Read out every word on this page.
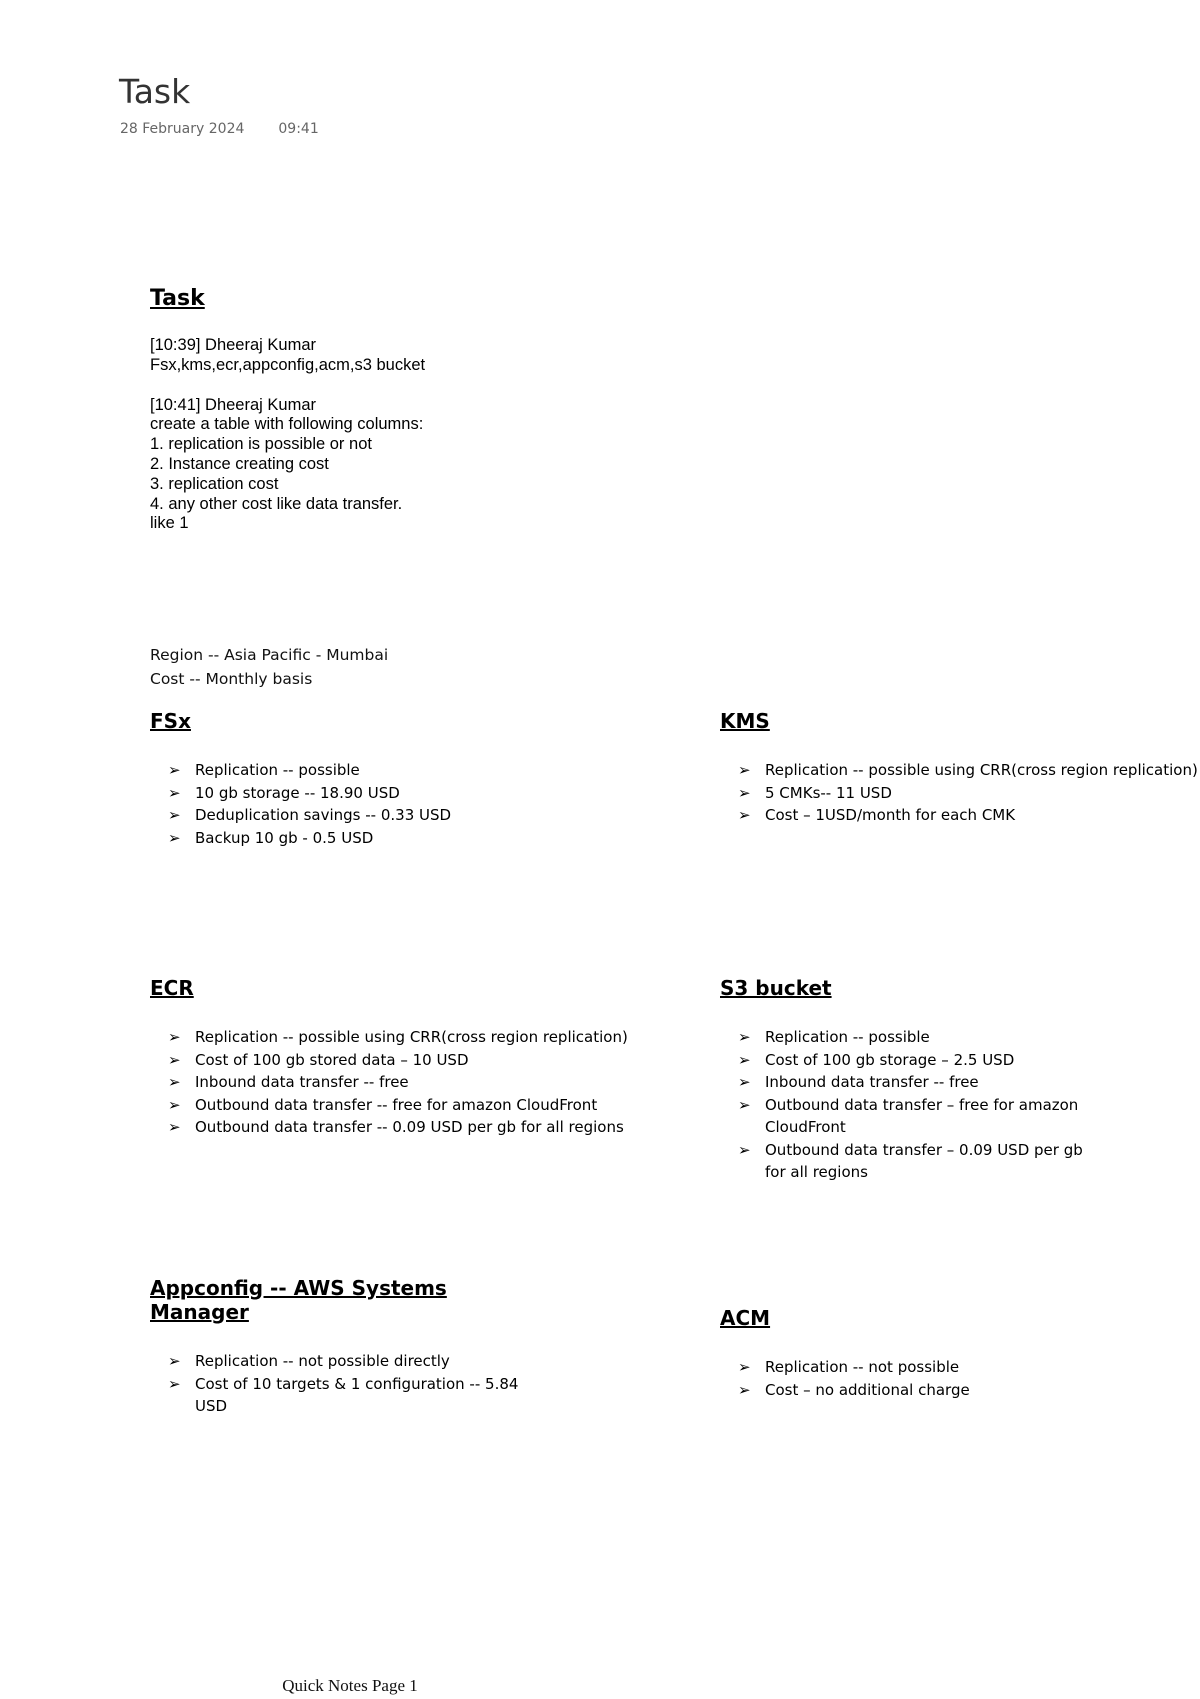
Task
28 February 2024 09:41
Task
[10:39] Dheeraj Kumar
Fsx,kms,ecr,appconfig,acm,s3 bucket
[10:41] Dheeraj Kumar
create a table with following columns:
1. replication is possible or not
2. Instance creating cost
3. replication cost
4. any other cost like data transfer.
like 1
Region -- Asia Pacific - Mumbai
Cost -- Monthly basis
FSx
➢ Replication -- possible
➢ 10 gb storage -- 18.90 USD
➢ Deduplication savings -- 0.33 USD
➢ Backup 10 gb - 0.5 USD
KMS
➢ Replication -- possible using CRR(cross region replication)
➢ 5 CMKs-- 11 USD
➢ Cost – 1USD/month for each CMK
ECR
➢ Replication -- possible using CRR(cross region replication)
➢ Cost of 100 gb stored data – 10 USD
➢ Inbound data transfer -- free
➢ Outbound data transfer -- free for amazon CloudFront
➢ Outbound data transfer -- 0.09 USD per gb for all regions
S3 bucket
➢ Replication -- possible
➢ Cost of 100 gb storage – 2.5 USD
➢ Inbound data transfer -- free
➢ Outbound data transfer – free for amazon CloudFront
➢ Outbound data transfer – 0.09 USD per gb for all regions
Appconfig -- AWS Systems Manager
➢ Replication -- not possible directly
➢ Cost of 10 targets & 1 configuration -- 5.84 USD
ACM
➢ Replication -- not possible
➢ Cost – no additional charge
Quick Notes Page 1
